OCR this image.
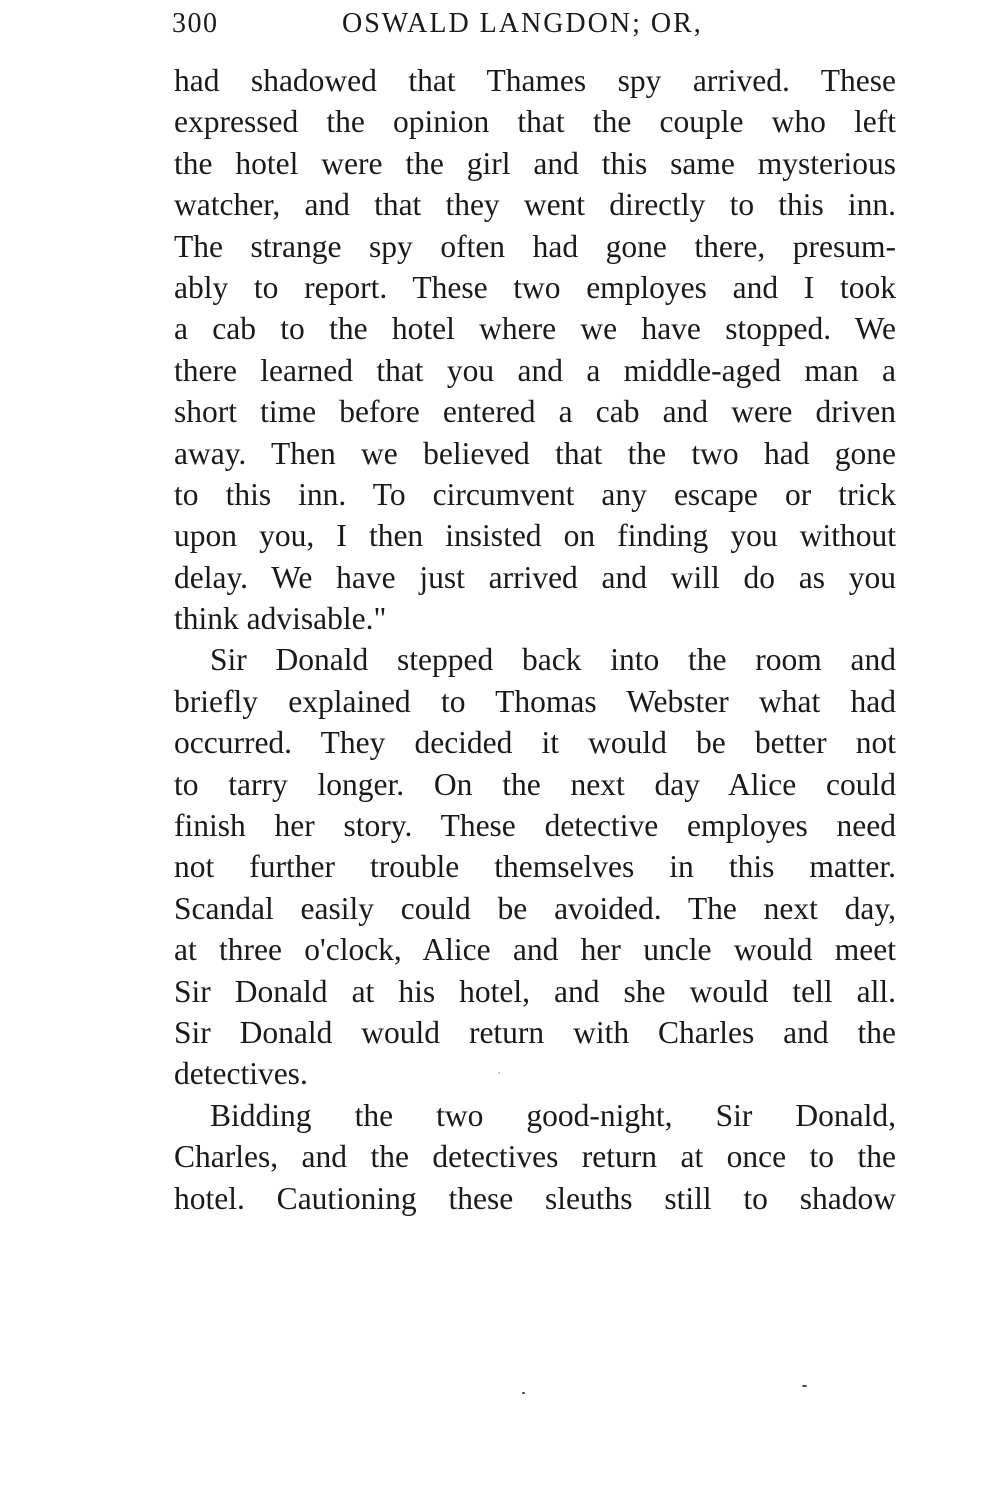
300	OSWALD LANGDON; OR,
had shadowed that Thames spy arrived. These
expressed the opinion that the couple who left
the hotel were the girl and this same mysterious
watcher, and that they went directly to this inn.
The strange spy often had gone there, presum-
ably to report. These two employes and I took
a cab to the hotel where we have stopped. We
there learned that you and a middle-aged man a
short time before entered a cab and were driven
away. Then we believed that the two had gone
to this inn. To circumvent any escape or trick
upon you, I then insisted on finding you without
delay. We have just arrived and will do as you
think advisable."
Sir Donald stepped back into the room and
briefly explained to Thomas Webster what had
occurred. They decided it would be better not
to tarry longer. On the next day Alice could
finish her story. These detective employes need
not further trouble themselves in this matter.
Scandal easily could be avoided. The next day,
at three o'clock, Alice and her uncle would meet
Sir Donald at his hotel, and she would tell all.
Sir Donald would return with Charles and the
detectives.
Bidding the two good-night, Sir Donald,
Charles, and the detectives return at once to the
hotel. Cautioning these sleuths still to shadow
